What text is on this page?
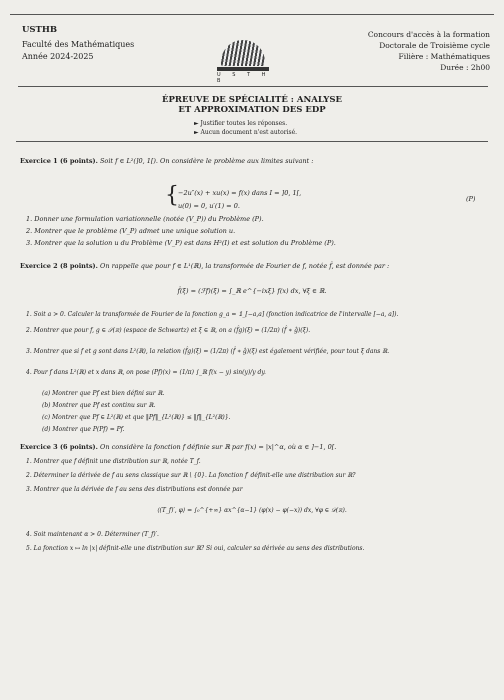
USTHB
Faculté des Mathématiques
Année 2024-2025
U S T H B
Concours d'accès à la formation
Doctorale de Troisième cycle
Filière : Mathématiques
Durée : 2h00
ÉPREUVE DE SPÉCIALITÉ : ANALYSE
ET APPROXIMATION DES EDP
► Justifier toutes les réponses.
► Aucun document n'est autorisé.
Exercice 1 (6 points). Soit f ∈ L²(]0, 1[). On considère le problème aux limites suivant :
{ −2u″(x) + xu(x) = f(x) dans I = ]0, 1[,
u(0) = 0, u′(1) = 0.
(P)
1. Donner une formulation variationnelle (notée (V_P)) du Problème (P).
2. Montrer que le problème (V_P) admet une unique solution u.
3. Montrer que la solution u du Problème (V_P) est dans H²(I) et est solution du Problème (P).
Exercice 2 (8 points). On rappelle que pour f ∈ L¹(ℝ), la transformée de Fourier de f, notée f̂, est donnée par :
f̂(ξ) = (ℱf)(ξ) = ∫_ℝ e^{−ixξ} f(x) dx, ∀ξ ∈ ℝ.
1. Soit a > 0. Calculer la transformée de Fourier de la fonction g_a = 𝟙_[−a,a] (fonction indicatrice de l'intervalle [−a, a]).
2. Montrer que pour f, g ∈ 𝒮(ℝ) (espace de Schwartz) et ξ ∈ ℝ, on a (f̂g)(ξ) = (1/2π) (f̂ ∗ ĝ)(ξ).
3. Montrer que si f et g sont dans L²(ℝ), la relation (f̂g)(ξ) = (1/2π) (f̂ ∗ ĝ)(ξ) est également vérifiée, pour tout ξ dans ℝ.
4. Pour f dans L²(ℝ) et x dans ℝ, on pose (Pf)(x) = (1/π) ∫_ℝ f(x − y) sin(y)/y dy.
(a) Montrer que Pf est bien défini sur ℝ.
(b) Montrer que Pf est continu sur ℝ.
(c) Montrer que Pf ∈ L²(ℝ) et que ‖Pf‖_{L²(ℝ)} ≤ ‖f‖_{L²(ℝ)}.
(d) Montrer que P(Pf) = Pf.
Exercice 3 (6 points). On considère la fonction f définie sur ℝ par f(x) = |x|^α, où α ∈ ]−1, 0[.
1. Montrer que f définit une distribution sur ℝ, notée T_f.
2. Déterminer la dérivée de f au sens classique sur ℝ \ {0}. La fonction f′ définit-elle une distribution sur ℝ?
3. Montrer que la dérivée de f au sens des distributions est donnée par
⟨(T_f)′, φ⟩ = ∫₀^{+∞} αx^{α−1} (φ(x) − φ(−x)) dx, ∀φ ∈ 𝒟(ℝ).
4. Soit maintenant α > 0. Déterminer (T_f)′.
5. La fonction x ↦ ln |x| définit-elle une distribution sur ℝ? Si oui, calculer sa dérivée au sens des distributions.
